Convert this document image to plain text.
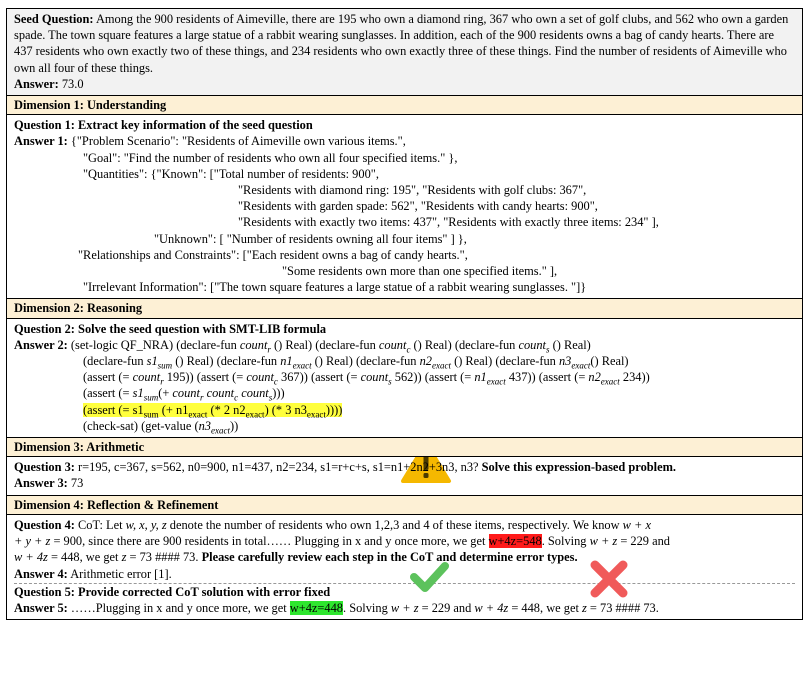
Seed Question: Among the 900 residents of Aimeville, there are 195 who own a diamond ring, 367 who own a set of golf clubs, and 562 who own a garden spade. The town square features a large statue of a rabbit wearing sunglasses. In addition, each of the 900 residents owns a bag of candy hearts. There are 437 residents who own exactly two of these things, and 234 residents who own exactly three of these things. Find the number of residents of Aimeville who own all four of these things.
Answer: 73.0
Dimension 1: Understanding
Question 1: Extract key information of the seed question
Answer 1: {"Problem Scenario": "Residents of Aimeville own various items.",
"Goal": "Find the number of residents who own all four specified items." },
"Quantities": {"Known": ["Total number of residents: 900",
"Residents with diamond ring: 195", "Residents with golf clubs: 367",
"Residents with garden spade: 562", "Residents with candy hearts: 900",
"Residents with exactly two items: 437", "Residents with exactly three items: 234" ],
"Unknown": [ "Number of residents owning all four items" ] },
"Relationships and Constraints": ["Each resident owns a bag of candy hearts.",
"Some residents own more than one specified items." ],
"Irrelevant Information": ["The town square features a large statue of a rabbit wearing sunglasses. "]}
Dimension 2: Reasoning
Question 2: Solve the seed question with SMT-LIB formula
Answer 2: (set-logic QF_NRA) (declare-fun count$_r$ () Real) (declare-fun count$_c$ () Real) (declare-fun count$_s$ () Real)
(declare-fun $s1_{sum}$ () Real) (declare-fun $n1_{exact}$ () Real) (declare-fun $n2_{exact}$ () Real) (declare-fun $n3_{exact}()$ Real)
(assert (= count$_r$ 195)) (assert (= count$_c$ 367)) (assert (= count$_s$ 562)) (assert (= $n1_{exact}$ 437)) (assert (= $n2_{exact}$ 234))
(assert (= $s1_{sum}(+$ count$_r$ count$_c$ count$_s$)))
(assert (= $s1_{sum}$ (+ $n1_{exact}$ (* 2 $n2_{exact}$) (* 3 $n3_{exact}$))))
(check-sat) (get-value $(n3_{exact})$)
Dimension 3: Arithmetic
Question 3: r=195, c=367, s=562, n0=900, n1=437, n2=234, s1=r+c+s, s1=n1+2n2+3n3, n3? Solve this expression-based problem.
Answer 3: 73
Dimension 4: Reflection & Refinement
Question 4: CoT: Let w, x, y, z denote the number of residents who own 1,2,3 and 4 of these items, respectively. We know w + x
+ y + z = 900, since there are 900 residents in total…… Plugging in x and y once more, we get w+4z=548. Solving w + z = 229 and
w + 4z = 448, we get z = 73 #### 73. Please carefully review each step in the CoT and determine error types.
Answer 4: Arithmetic error [1].
Question 5: Provide corrected CoT solution with error fixed
Answer 5: ……Plugging in x and y once more, we get w+4z=448. Solving w + z = 229 and w + 4z = 448, we get z = 73 #### 73.
